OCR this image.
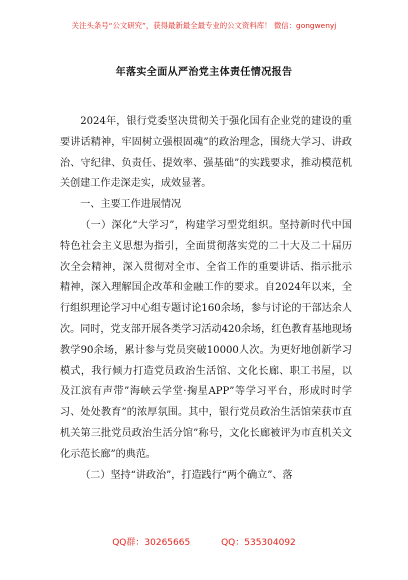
关注头条号“公文研究”，获得最新最全最专业的公文资料库！ 微信：gongwenyj
年落实全面从严治党主体责任情况报告

2024年，银行党委坚决贯彻关于强化国有企业党的建设的重要讲话精神，牢固树立强根固魂”的政治理念，围绕大学习、讲政治、守纪律、负责任、提效率、强基础”的实践要求，推动模范机关创建工作走深走实，成效显著。

一、主要工作进展情况

（一）深化“大学习”，构建学习型党组织。坚持新时代中国特色社会主义思想为指引，全面贯彻落实党的二十大及二十届历次全会精神，深入贯彻对全市、全省工作的重要讲话、指示批示精神，深入理解国企改革和金融工作的要求。自2024年以来，全行组织理论学习中心组专题讨论160余场，参与讨论的干部达余人次。同时，党支部开展各类学习活动420余场，红色教育基地现场教学90余场，累计参与党员突破10000人次。为更好地创新学习模式，我行倾力打造党员政治生活馆、文化长廊、职工书屋，以及江滨有声带”海峡云学堂·掬星APP”等学习平台，形成时时学习、处处教育”的浓厚氛围。其中，银行党员政治生活馆荣获市直机关第三批党员政治生活分馆”称号，文化长廊被评为市直机关文化示范长廊”的典范。

（二）坚持“讲政治”，打造践行“两个确立”、落

QQ群：30265665	QQ：535304092
